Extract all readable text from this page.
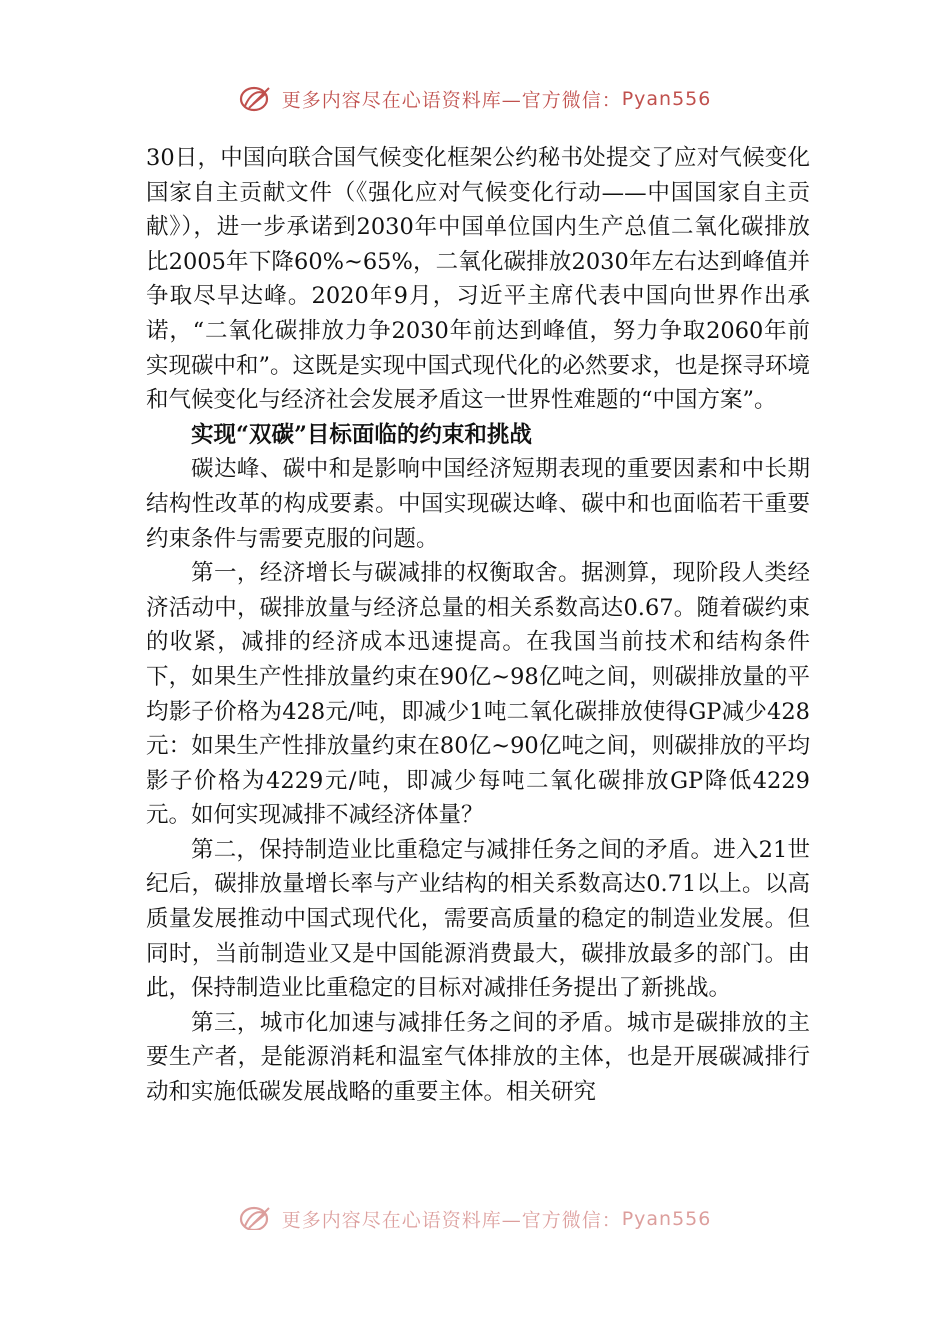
更多内容尽在心语资料库—官方微信：Pyan556

30日，中国向联合国气候变化框架公约秘书处提交了应对气候变化国家自主贡献文件（《强化应对气候变化行动——中国国家自主贡献》），进一步承诺到2030年中国单位国内生产总值二氧化碳排放比2005年下降60%~65%，二氧化碳排放2030年左右达到峰值并争取尽早达峰。2020年9月，习近平主席代表中国向世界作出承诺，“二氧化碳排放力争2030年前达到峰值，努力争取2060年前实现碳中和”。这既是实现中国式现代化的必然要求，也是探寻环境和气候变化与经济社会发展矛盾这一世界性难题的“中国方案”。

实现“双碳”目标面临的约束和挑战

碳达峰、碳中和是影响中国经济短期表现的重要因素和中长期结构性改革的构成要素。中国实现碳达峰、碳中和也面临若干重要约束条件与需要克服的问题。

第一，经济增长与碳减排的权衡取舍。据测算，现阶段人类经济活动中，碳排放量与经济总量的相关系数高达0.67。随着碳约束的收紧，减排的经济成本迅速提高。在我国当前技术和结构条件下，如果生产性排放量约束在90亿~98亿吨之间，则碳排放量的平均影子价格为428元/吨，即减少1吨二氧化碳排放使得GP减少428元：如果生产性排放量约束在80亿~90亿吨之间，则碳排放的平均影子价格为4229元/吨，即减少每吨二氧化碳排放GP降低4229元。如何实现减排不减经济体量？

第二，保持制造业比重稳定与减排任务之间的矛盾。进入21世纪后，碳排放量增长率与产业结构的相关系数高达0.71以上。以高质量发展推动中国式现代化，需要高质量的稳定的制造业发展。但同时，当前制造业又是中国能源消费最大，碳排放最多的部门。由此，保持制造业比重稳定的目标对减排任务提出了新挑战。

第三，城市化加速与减排任务之间的矛盾。城市是碳排放的主要生产者，是能源消耗和温室气体排放的主体，也是开展碳减排行动和实施低碳发展战略的重要主体。相关研究

更多内容尽在心语资料库—官方微信：Pyan556
